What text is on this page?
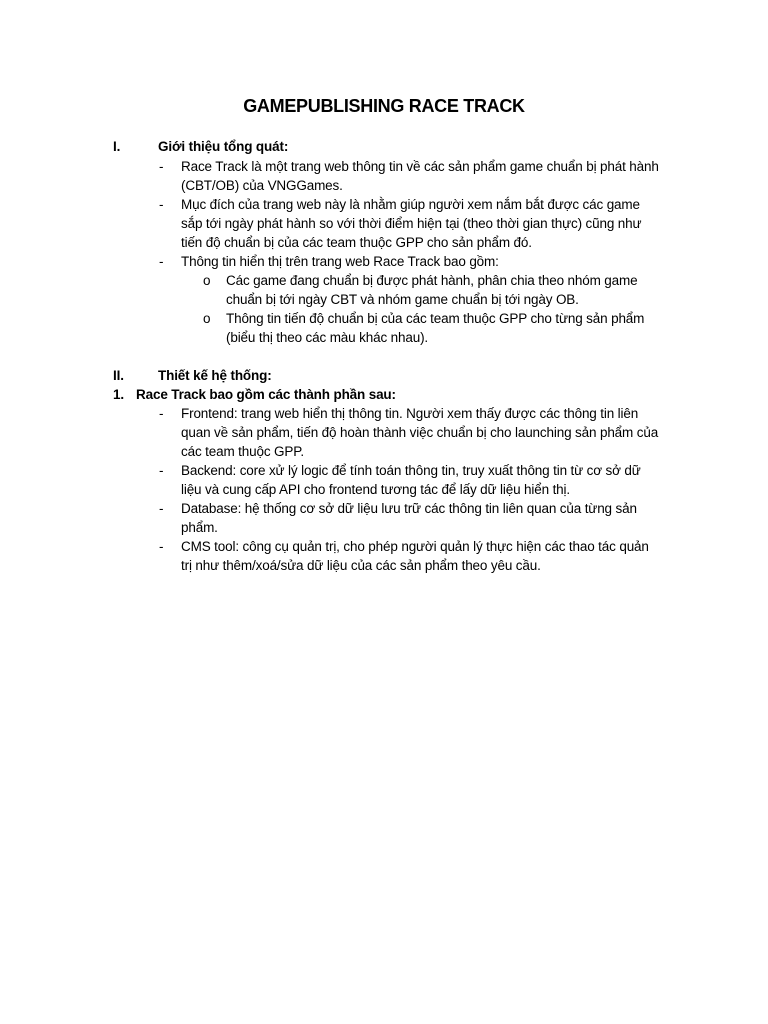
GAMEPUBLISHING RACE TRACK
I.	Giới thiệu tổng quát:
- Race Track là một trang web thông tin về các sản phẩm game chuẩn bị phát hành
(CBT/OB) của VNGGames.
- Mục đích của trang web này là nhằm giúp người xem nắm bắt được các game
sắp tới ngày phát hành so với thời điểm hiện tại (theo thời gian thực) cũng như
tiến độ chuẩn bị của các team thuộc GPP cho sản phẩm đó.
- Thông tin hiển thị trên trang web Race Track bao gồm:
o Các game đang chuẩn bị được phát hành, phân chia theo nhóm game
chuẩn bị tới ngày CBT và nhóm game chuẩn bị tới ngày OB.
o Thông tin tiến độ chuẩn bị của các team thuộc GPP cho từng sản phẩm
(biểu thị theo các màu khác nhau).
II.	Thiết kế hệ thống:
1. Race Track bao gồm các thành phần sau:
- Frontend: trang web hiển thị thông tin. Người xem thấy được các thông tin liên
quan về sản phẩm, tiến độ hoàn thành việc chuẩn bị cho launching sản phẩm của
các team thuộc GPP.
- Backend: core xử lý logic để tính toán thông tin, truy xuất thông tin từ cơ sở dữ
liệu và cung cấp API cho frontend tương tác để lấy dữ liệu hiển thị.
- Database: hệ thống cơ sở dữ liệu lưu trữ các thông tin liên quan của từng sản
phẩm.
- CMS tool: công cụ quản trị, cho phép người quản lý thực hiện các thao tác quản
trị như thêm/xoá/sửa dữ liệu của các sản phẩm theo yêu cầu.
